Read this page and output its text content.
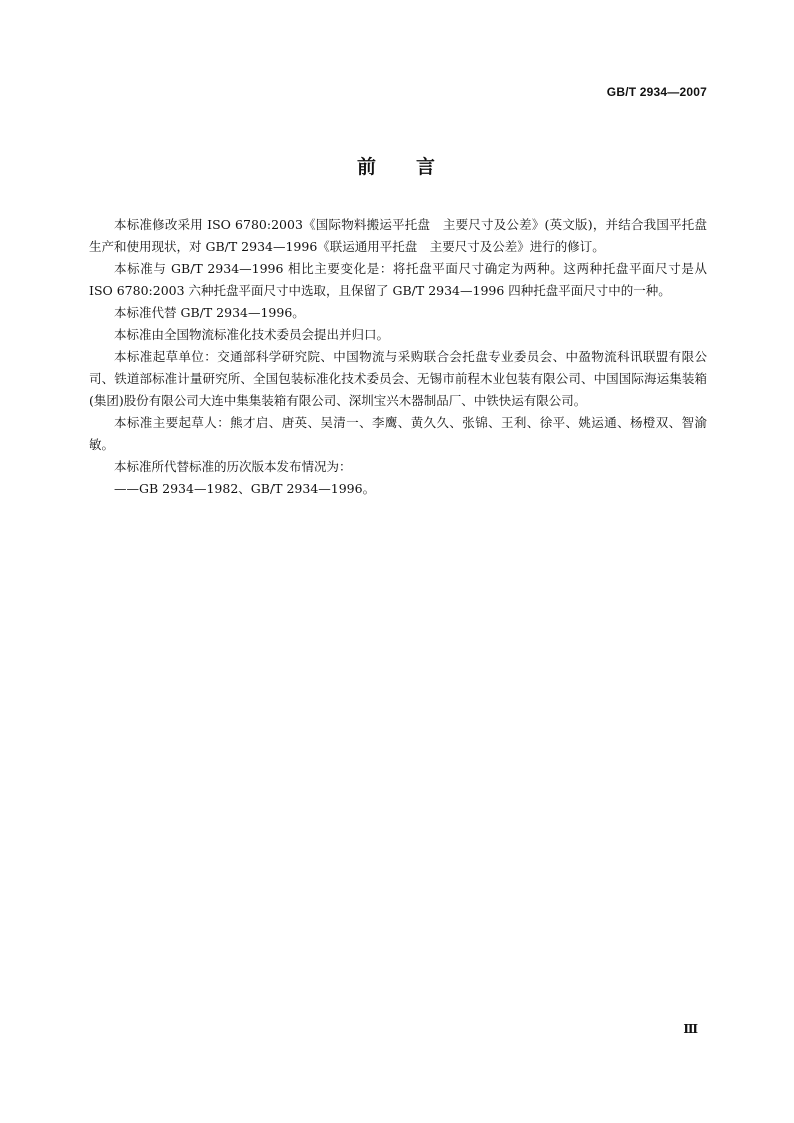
GB/T 2934—2007
前 言

本标准修改采用 ISO 6780:2003《国际物料搬运平托盘　主要尺寸及公差》(英文版)，并结合我国平托盘生产和使用现状，对 GB/T 2934—1996《联运通用平托盘　主要尺寸及公差》进行的修订。

本标准与 GB/T 2934—1996 相比主要变化是：将托盘平面尺寸确定为两种。这两种托盘平面尺寸是从 ISO 6780:2003 六种托盘平面尺寸中选取，且保留了 GB/T 2934—1996 四种托盘平面尺寸中的一种。

本标准代替 GB/T 2934—1996。

本标准由全国物流标准化技术委员会提出并归口。

本标准起草单位：交通部科学研究院、中国物流与采购联合会托盘专业委员会、中盈物流科讯联盟有限公司、铁道部标准计量研究所、全国包装标准化技术委员会、无锡市前程木业包装有限公司、中国国际海运集装箱(集团)股份有限公司大连中集集装箱有限公司、深圳宝兴木器制品厂、中铁快运有限公司。

本标准主要起草人：熊才启、唐英、吴清一、李鹰、黄久久、张锦、王利、徐平、姚运通、杨橙双、智渝敏。

本标准所代替标准的历次版本发布情况为：

——GB 2934—1982、GB/T 2934—1996。

Ⅲ
